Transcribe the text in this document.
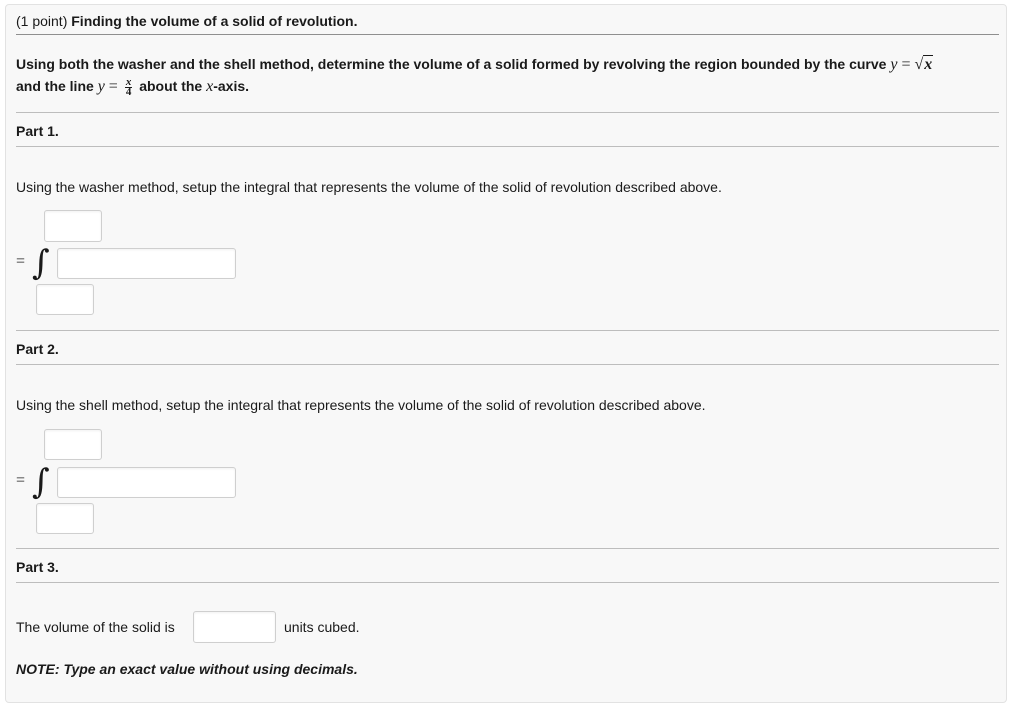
(1 point) Finding the volume of a solid of revolution.
Using both the washer and the shell method, determine the volume of a solid formed by revolving the region bounded by the curve y = √x
and the line $y = \frac{x}{4}$ about the x-axis.
Part 1.
Using the washer method, setup the integral that represents the volume of the solid of revolution described above.
= ∫
Part 2.
Using the shell method, setup the integral that represents the volume of the solid of revolution described above.
= ∫
Part 3.
The volume of the solid is	units cubed.
NOTE: Type an exact value without using decimals.
